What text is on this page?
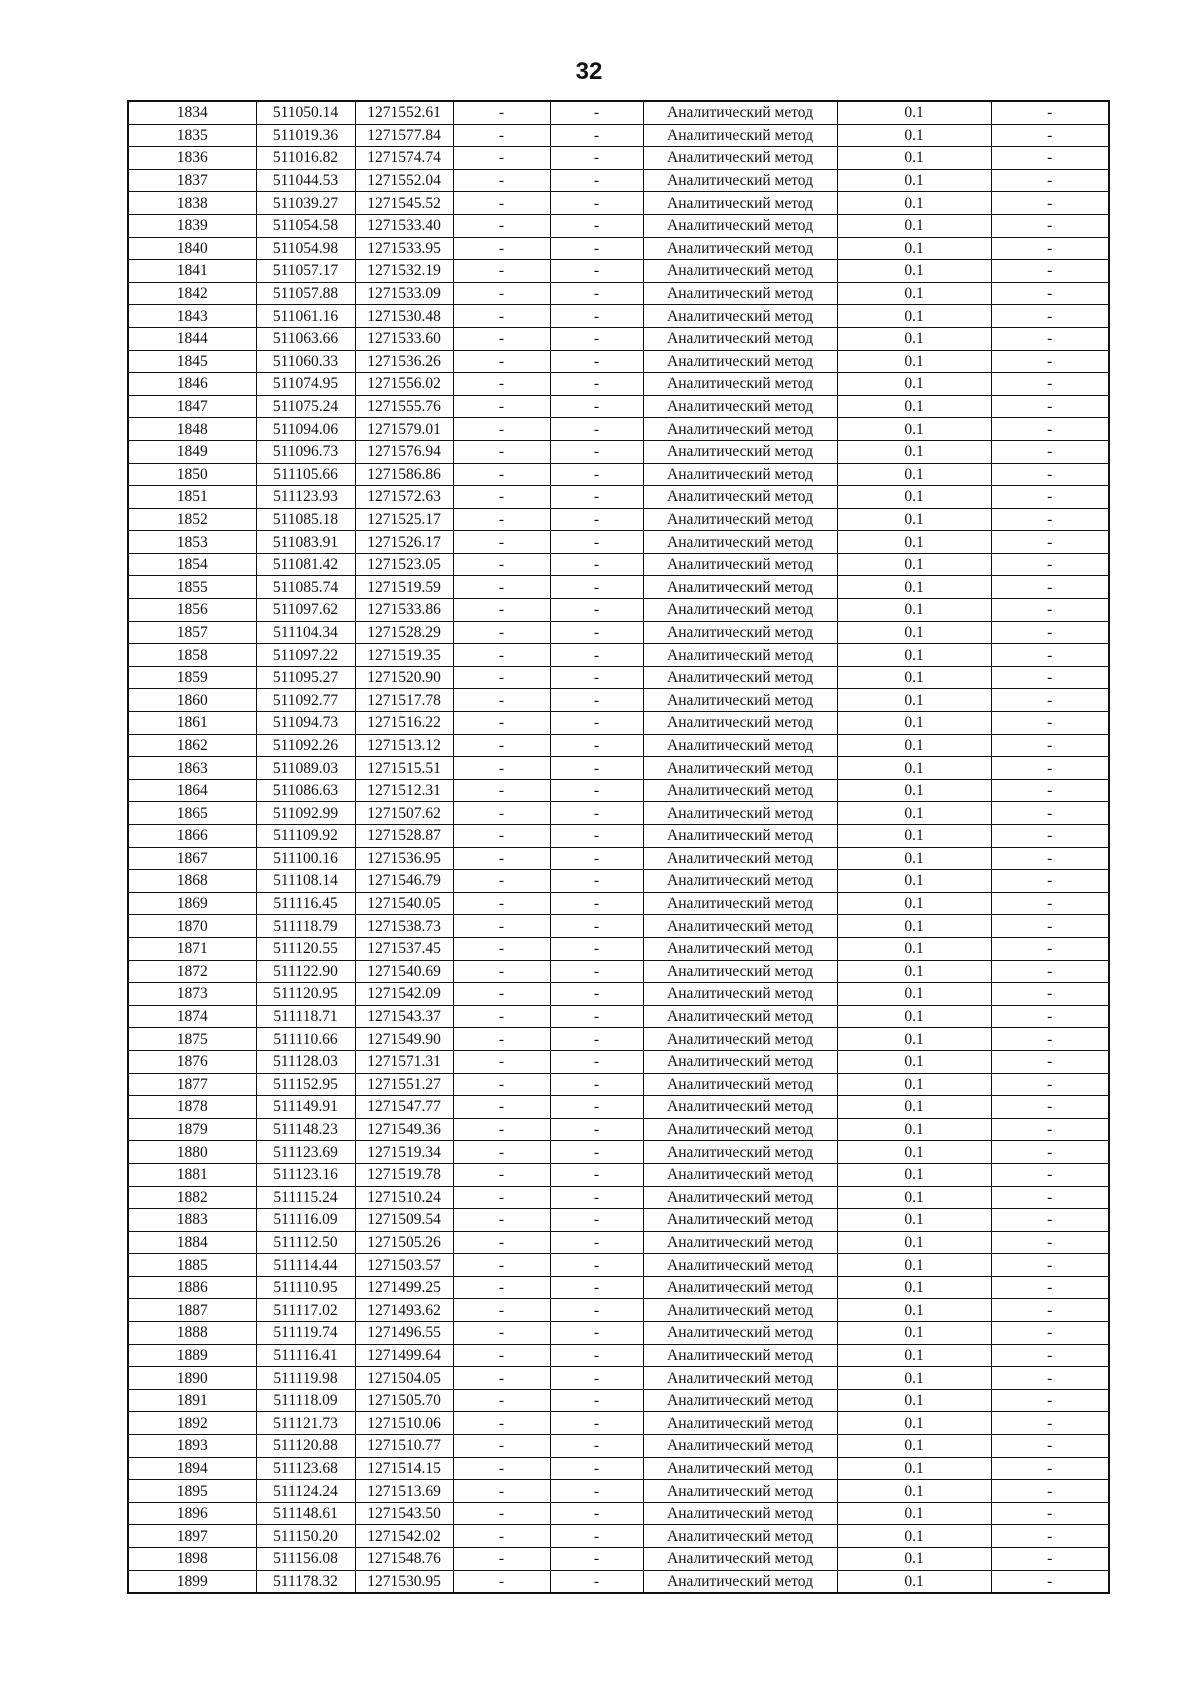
32
1834	511050.14	1271552.61	-	-	Аналитический метод	0.1	-
1835	511019.36	1271577.84	-	-	Аналитический метод	0.1	-
1836	511016.82	1271574.74	-	-	Аналитический метод	0.1	-
1837	511044.53	1271552.04	-	-	Аналитический метод	0.1	-
1838	511039.27	1271545.52	-	-	Аналитический метод	0.1	-
1839	511054.58	1271533.40	-	-	Аналитический метод	0.1	-
1840	511054.98	1271533.95	-	-	Аналитический метод	0.1	-
1841	511057.17	1271532.19	-	-	Аналитический метод	0.1	-
1842	511057.88	1271533.09	-	-	Аналитический метод	0.1	-
1843	511061.16	1271530.48	-	-	Аналитический метод	0.1	-
1844	511063.66	1271533.60	-	-	Аналитический метод	0.1	-
1845	511060.33	1271536.26	-	-	Аналитический метод	0.1	-
1846	511074.95	1271556.02	-	-	Аналитический метод	0.1	-
1847	511075.24	1271555.76	-	-	Аналитический метод	0.1	-
1848	511094.06	1271579.01	-	-	Аналитический метод	0.1	-
1849	511096.73	1271576.94	-	-	Аналитический метод	0.1	-
1850	511105.66	1271586.86	-	-	Аналитический метод	0.1	-
1851	511123.93	1271572.63	-	-	Аналитический метод	0.1	-
1852	511085.18	1271525.17	-	-	Аналитический метод	0.1	-
1853	511083.91	1271526.17	-	-	Аналитический метод	0.1	-
1854	511081.42	1271523.05	-	-	Аналитический метод	0.1	-
1855	511085.74	1271519.59	-	-	Аналитический метод	0.1	-
1856	511097.62	1271533.86	-	-	Аналитический метод	0.1	-
1857	511104.34	1271528.29	-	-	Аналитический метод	0.1	-
1858	511097.22	1271519.35	-	-	Аналитический метод	0.1	-
1859	511095.27	1271520.90	-	-	Аналитический метод	0.1	-
1860	511092.77	1271517.78	-	-	Аналитический метод	0.1	-
1861	511094.73	1271516.22	-	-	Аналитический метод	0.1	-
1862	511092.26	1271513.12	-	-	Аналитический метод	0.1	-
1863	511089.03	1271515.51	-	-	Аналитический метод	0.1	-
1864	511086.63	1271512.31	-	-	Аналитический метод	0.1	-
1865	511092.99	1271507.62	-	-	Аналитический метод	0.1	-
1866	511109.92	1271528.87	-	-	Аналитический метод	0.1	-
1867	511100.16	1271536.95	-	-	Аналитический метод	0.1	-
1868	511108.14	1271546.79	-	-	Аналитический метод	0.1	-
1869	511116.45	1271540.05	-	-	Аналитический метод	0.1	-
1870	511118.79	1271538.73	-	-	Аналитический метод	0.1	-
1871	511120.55	1271537.45	-	-	Аналитический метод	0.1	-
1872	511122.90	1271540.69	-	-	Аналитический метод	0.1	-
1873	511120.95	1271542.09	-	-	Аналитический метод	0.1	-
1874	511118.71	1271543.37	-	-	Аналитический метод	0.1	-
1875	511110.66	1271549.90	-	-	Аналитический метод	0.1	-
1876	511128.03	1271571.31	-	-	Аналитический метод	0.1	-
1877	511152.95	1271551.27	-	-	Аналитический метод	0.1	-
1878	511149.91	1271547.77	-	-	Аналитический метод	0.1	-
1879	511148.23	1271549.36	-	-	Аналитический метод	0.1	-
1880	511123.69	1271519.34	-	-	Аналитический метод	0.1	-
1881	511123.16	1271519.78	-	-	Аналитический метод	0.1	-
1882	511115.24	1271510.24	-	-	Аналитический метод	0.1	-
1883	511116.09	1271509.54	-	-	Аналитический метод	0.1	-
1884	511112.50	1271505.26	-	-	Аналитический метод	0.1	-
1885	511114.44	1271503.57	-	-	Аналитический метод	0.1	-
1886	511110.95	1271499.25	-	-	Аналитический метод	0.1	-
1887	511117.02	1271493.62	-	-	Аналитический метод	0.1	-
1888	511119.74	1271496.55	-	-	Аналитический метод	0.1	-
1889	511116.41	1271499.64	-	-	Аналитический метод	0.1	-
1890	511119.98	1271504.05	-	-	Аналитический метод	0.1	-
1891	511118.09	1271505.70	-	-	Аналитический метод	0.1	-
1892	511121.73	1271510.06	-	-	Аналитический метод	0.1	-
1893	511120.88	1271510.77	-	-	Аналитический метод	0.1	-
1894	511123.68	1271514.15	-	-	Аналитический метод	0.1	-
1895	511124.24	1271513.69	-	-	Аналитический метод	0.1	-
1896	511148.61	1271543.50	-	-	Аналитический метод	0.1	-
1897	511150.20	1271542.02	-	-	Аналитический метод	0.1	-
1898	511156.08	1271548.76	-	-	Аналитический метод	0.1	-
1899	511178.32	1271530.95	-	-	Аналитический метод	0.1	-
